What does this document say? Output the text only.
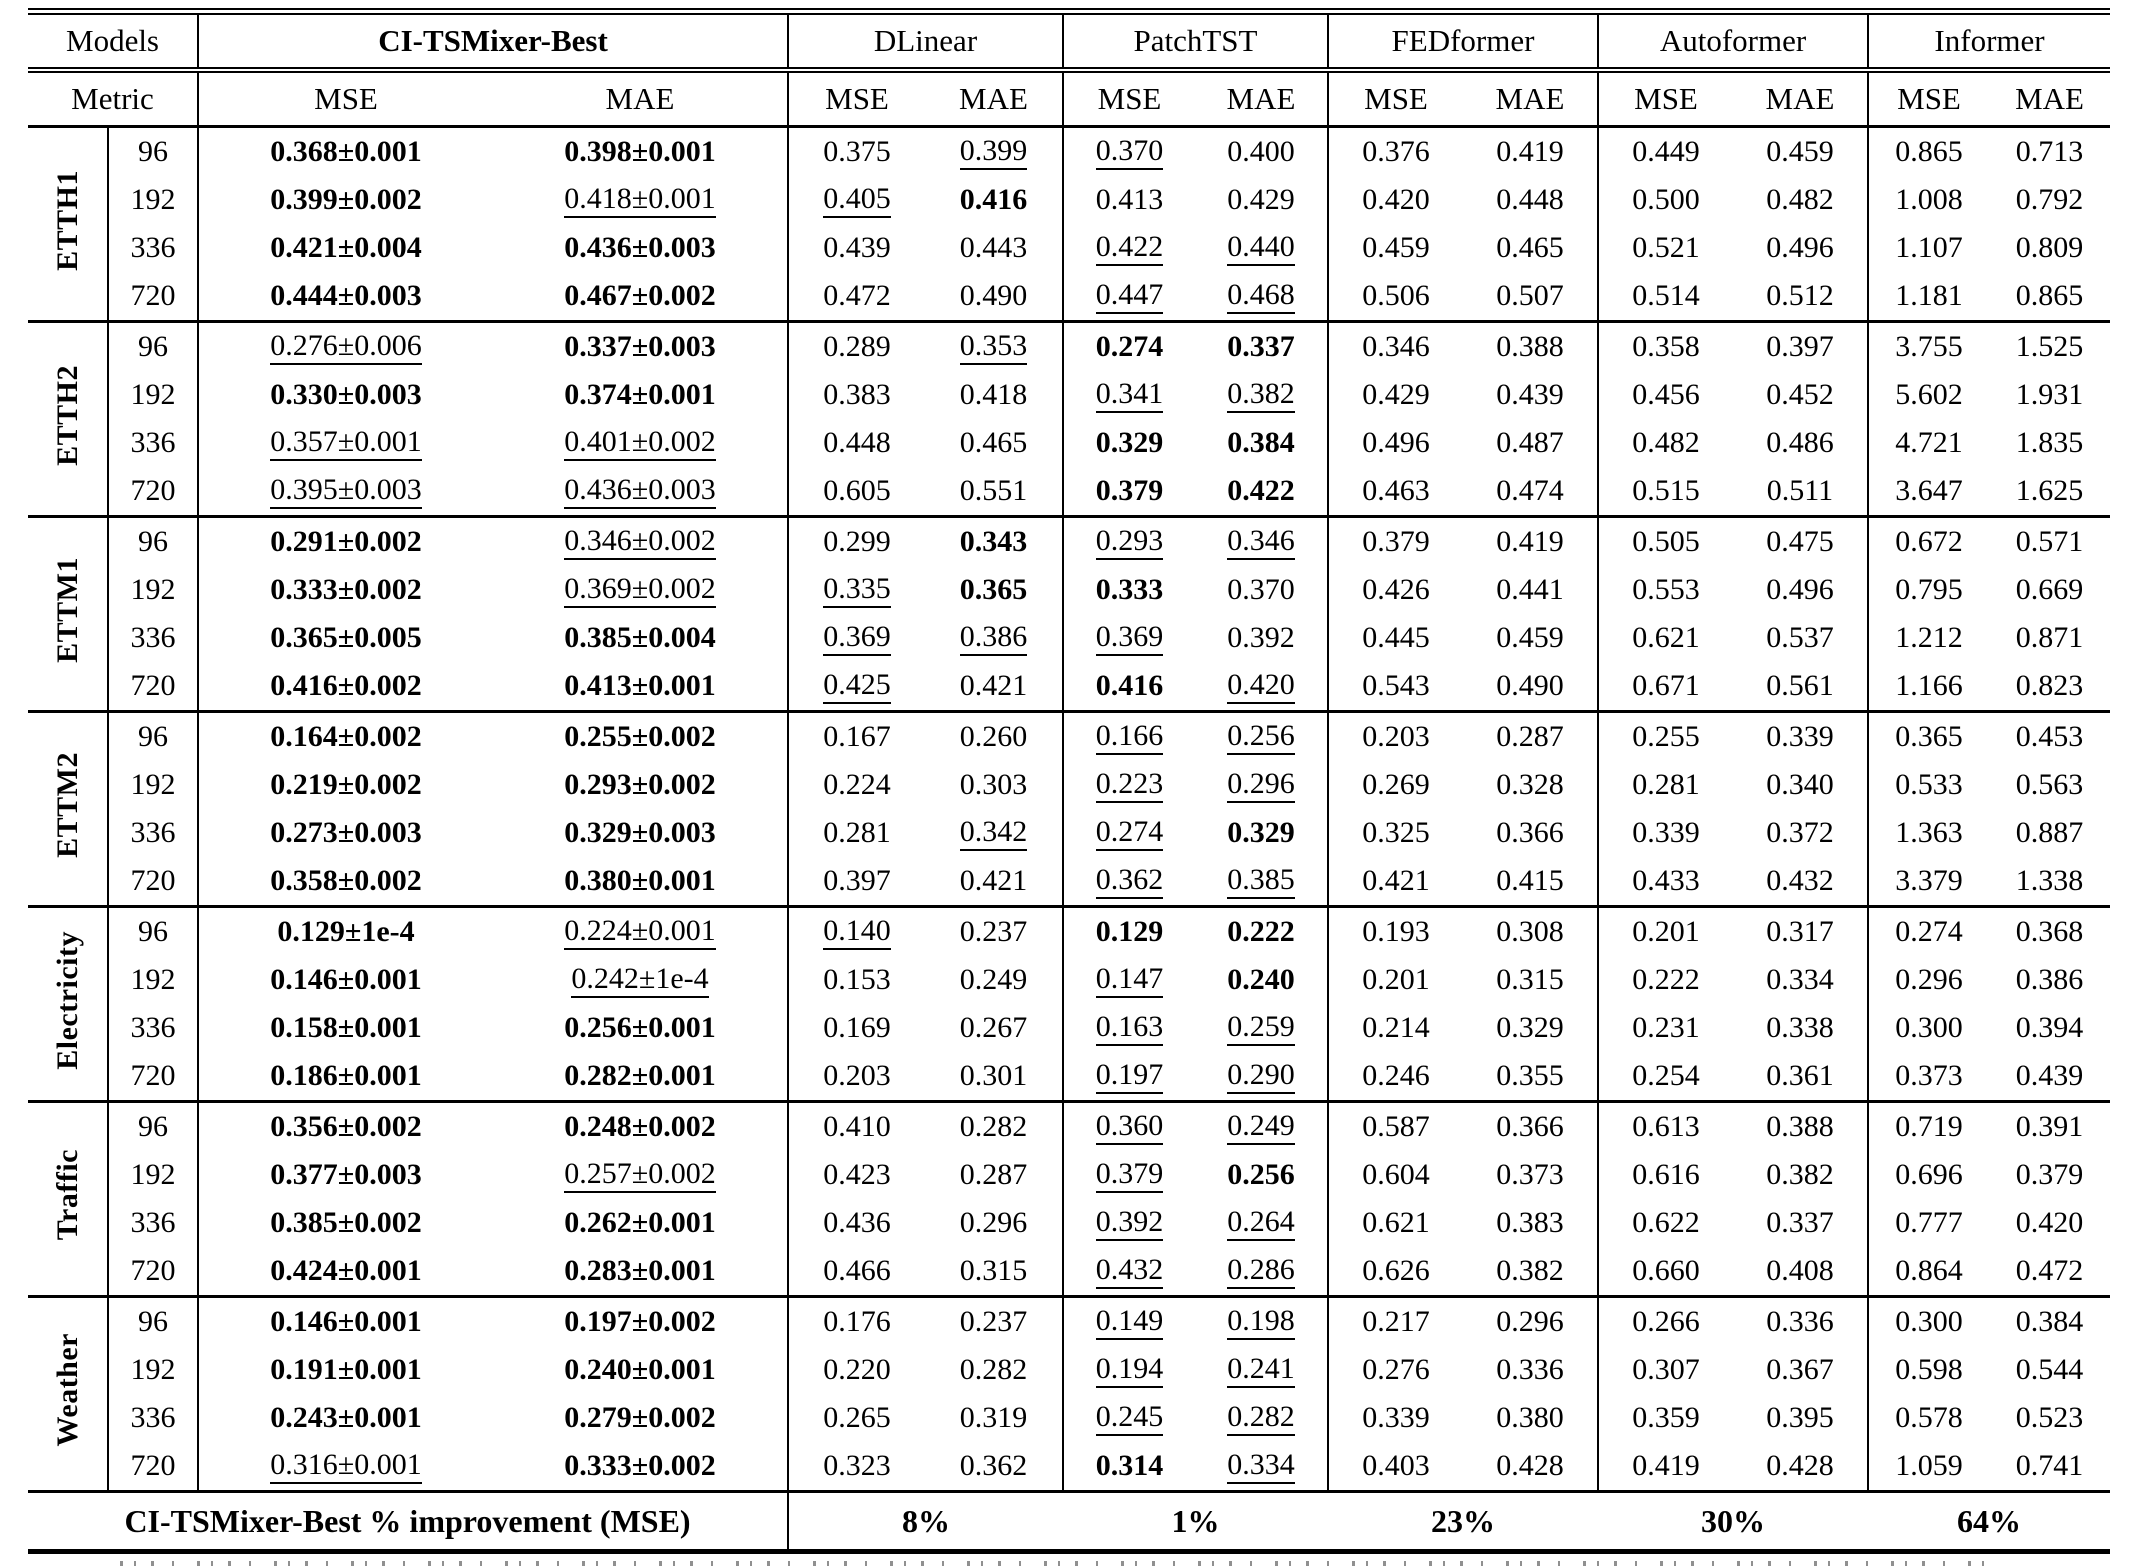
Models		CI-TSMixer-Best		DLinear		PatchTST		FEDformer		Autoformer		Informer	
Metric		MSE	MAE	MSE	MAE	MSE	MAE	MSE	MAE	MSE	MAE	MSE	MAE
ETTH1	96	0.368±0.001	0.398±0.001	0.375	0.399	0.370	0.400	0.376	0.419	0.449	0.459	0.865	0.713
	192	0.399±0.002	0.418±0.001	0.405	0.416	0.413	0.429	0.420	0.448	0.500	0.482	1.008	0.792
	336	0.421±0.004	0.436±0.003	0.439	0.443	0.422	0.440	0.459	0.465	0.521	0.496	1.107	0.809
	720	0.444±0.003	0.467±0.002	0.472	0.490	0.447	0.468	0.506	0.507	0.514	0.512	1.181	0.865
ETTH2	96	0.276±0.006	0.337±0.003	0.289	0.353	0.274	0.337	0.346	0.388	0.358	0.397	3.755	1.525
	192	0.330±0.003	0.374±0.001	0.383	0.418	0.341	0.382	0.429	0.439	0.456	0.452	5.602	1.931
	336	0.357±0.001	0.401±0.002	0.448	0.465	0.329	0.384	0.496	0.487	0.482	0.486	4.721	1.835
	720	0.395±0.003	0.436±0.003	0.605	0.551	0.379	0.422	0.463	0.474	0.515	0.511	3.647	1.625
ETTM1	96	0.291±0.002	0.346±0.002	0.299	0.343	0.293	0.346	0.379	0.419	0.505	0.475	0.672	0.571
	192	0.333±0.002	0.369±0.002	0.335	0.365	0.333	0.370	0.426	0.441	0.553	0.496	0.795	0.669
	336	0.365±0.005	0.385±0.004	0.369	0.386	0.369	0.392	0.445	0.459	0.621	0.537	1.212	0.871
	720	0.416±0.002	0.413±0.001	0.425	0.421	0.416	0.420	0.543	0.490	0.671	0.561	1.166	0.823
ETTM2	96	0.164±0.002	0.255±0.002	0.167	0.260	0.166	0.256	0.203	0.287	0.255	0.339	0.365	0.453
	192	0.219±0.002	0.293±0.002	0.224	0.303	0.223	0.296	0.269	0.328	0.281	0.340	0.533	0.563
	336	0.273±0.003	0.329±0.003	0.281	0.342	0.274	0.329	0.325	0.366	0.339	0.372	1.363	0.887
	720	0.358±0.002	0.380±0.001	0.397	0.421	0.362	0.385	0.421	0.415	0.433	0.432	3.379	1.338
Electricity	96	0.129±1e-4	0.224±0.001	0.140	0.237	0.129	0.222	0.193	0.308	0.201	0.317	0.274	0.368
	192	0.146±0.001	0.242±1e-4	0.153	0.249	0.147	0.240	0.201	0.315	0.222	0.334	0.296	0.386
	336	0.158±0.001	0.256±0.001	0.169	0.267	0.163	0.259	0.214	0.329	0.231	0.338	0.300	0.394
	720	0.186±0.001	0.282±0.001	0.203	0.301	0.197	0.290	0.246	0.355	0.254	0.361	0.373	0.439
Traffic	96	0.356±0.002	0.248±0.002	0.410	0.282	0.360	0.249	0.587	0.366	0.613	0.388	0.719	0.391
	192	0.377±0.003	0.257±0.002	0.423	0.287	0.379	0.256	0.604	0.373	0.616	0.382	0.696	0.379
	336	0.385±0.002	0.262±0.001	0.436	0.296	0.392	0.264	0.621	0.383	0.622	0.337	0.777	0.420
	720	0.424±0.001	0.283±0.001	0.466	0.315	0.432	0.286	0.626	0.382	0.660	0.408	0.864	0.472
Weather	96	0.146±0.001	0.197±0.002	0.176	0.237	0.149	0.198	0.217	0.296	0.266	0.336	0.300	0.384
	192	0.191±0.001	0.240±0.001	0.220	0.282	0.194	0.241	0.276	0.336	0.307	0.367	0.598	0.544
	336	0.243±0.001	0.279±0.002	0.265	0.319	0.245	0.282	0.339	0.380	0.359	0.395	0.578	0.523
	720	0.316±0.001	0.333±0.002	0.323	0.362	0.314	0.334	0.403	0.428	0.419	0.428	1.059	0.741
CI-TSMixer-Best % improvement (MSE)				8%		1%		23%		30%		64%	
